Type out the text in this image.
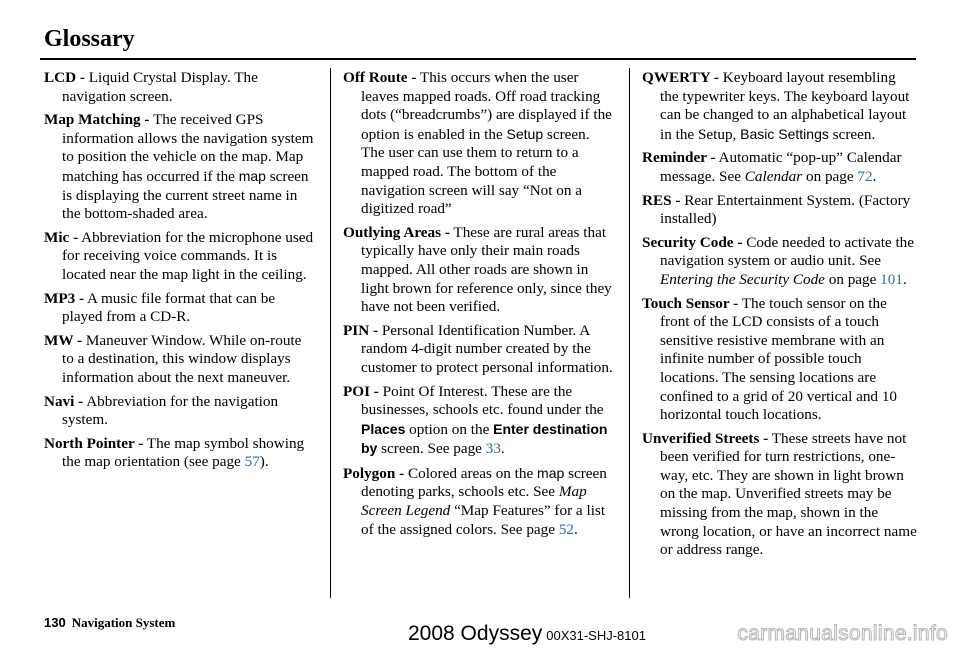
Glossary

LCD - Liquid Crystal Display. The navigation screen.

Map Matching - The received GPS information allows the navigation system to position the vehicle on the map. Map matching has occurred if the map screen is displaying the current street name in the bottom-shaded area.

Mic - Abbreviation for the microphone used for receiving voice commands. It is located near the map light in the ceiling.

MP3 - A music file format that can be played from a CD-R.

MW - Maneuver Window. While on-route to a destination, this window displays information about the next maneuver.

Navi - Abbreviation for the navigation system.

North Pointer - The map symbol showing the map orientation (see page 57).

Off Route - This occurs when the user leaves mapped roads. Off road tracking dots (“breadcrumbs”) are displayed if the option is enabled in the Setup screen. The user can use them to return to a mapped road. The bottom of the navigation screen will say “Not on a digitized road”

Outlying Areas - These are rural areas that typically have only their main roads mapped. All other roads are shown in light brown for reference only, since they have not been verified.

PIN - Personal Identification Number. A random 4-digit number created by the customer to protect personal information.

POI - Point Of Interest. These are the businesses, schools etc. found under the Places option on the Enter destination by screen. See page 33.

Polygon - Colored areas on the map screen denoting parks, schools etc. See Map Screen Legend “Map Features” for a list of the assigned colors. See page 52.

QWERTY - Keyboard layout resembling the typewriter keys. The keyboard layout can be changed to an alphabetical layout in the Setup, Basic Settings screen.

Reminder - Automatic “pop-up” Calendar message. See Calendar on page 72.

RES - Rear Entertainment System. (Factory installed)

Security Code - Code needed to activate the navigation system or audio unit. See Entering the Security Code on page 101.

Touch Sensor - The touch sensor on the front of the LCD consists of a touch sensitive resistive membrane with an infinite number of possible touch locations. The sensing locations are confined to a grid of 20 vertical and 10 horizontal touch locations.

Unverified Streets - These streets have not been verified for turn restrictions, one-way, etc. They are shown in light brown on the map. Unverified streets may be missing from the map, shown in the wrong location, or have an incorrect name or address range.

130 Navigation System	2008 Odyssey 00X31-SHJ-8101	carmanualsonline.info
